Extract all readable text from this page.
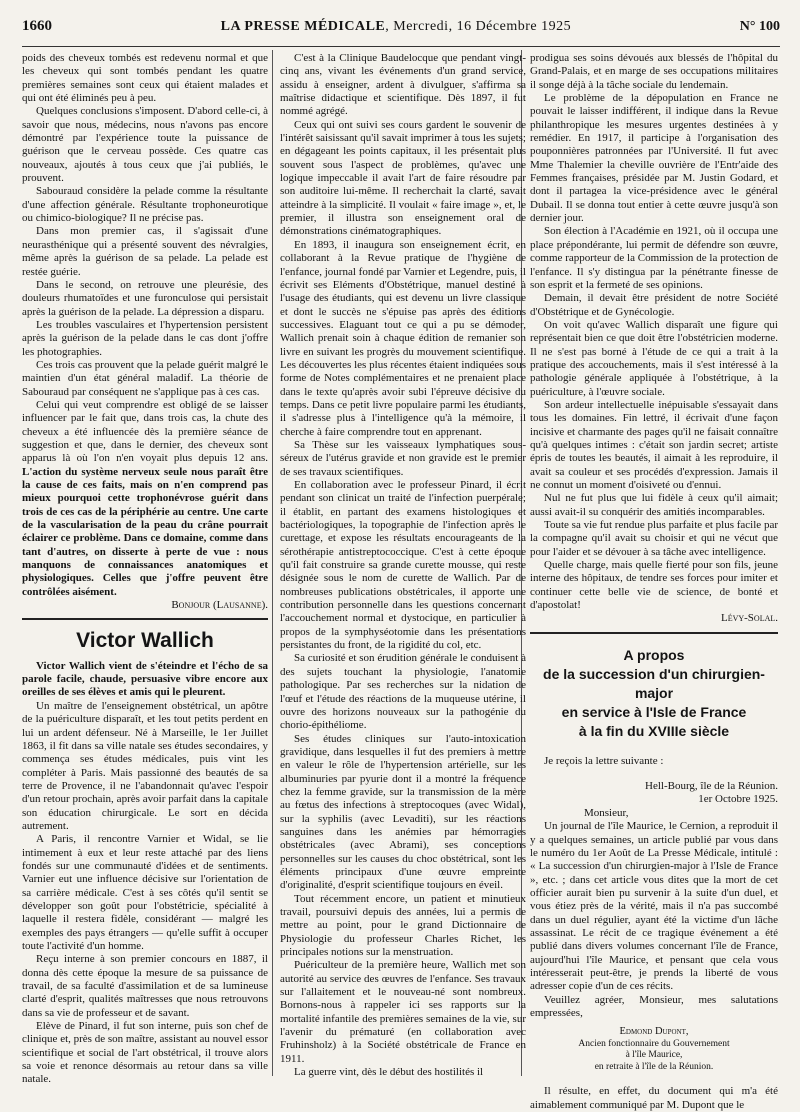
1660	LA PRESSE MÉDICALE, Mercredi, 16 Décembre 1925	N° 100

poids des cheveux tombés est redevenu normal et que les cheveux qui sont tombés pendant les quatre premières semaines sont ceux qui étaient malades et qui ont été éliminés peu à peu.

Quelques conclusions s'imposent. D'abord celle-ci, à savoir que nous, médecins, nous n'avons pas encore démontré par l'expérience toute la puissance de guérison que le cerveau possède. Ces quatre cas nouveaux, ajoutés à tous ceux que j'ai publiés, le prouvent.

Sabouraud considère la pelade comme la résultante d'une affection générale. Résultante trophoneurotique ou chimico-biologique? Il ne précise pas.

Dans mon premier cas, il s'agissait d'une neurasthénique qui a présenté souvent des névralgies, même après la guérison de sa pelade. La pelade est restée guérie.

Dans le second, on retrouve une pleurésie, des douleurs rhumatoïdes et une furonculose qui persistait après la guérison de la pelade. La dépression a disparu.

Les troubles vasculaires et l'hypertension persistent après la guérison de la pelade dans le cas dont j'offre les photographies.

Ces trois cas prouvent que la pelade guérit malgré le maintien d'un état général maladif. La théorie de Sabouraud par conséquent ne s'applique pas à ces cas.

Celui qui veut comprendre est obligé de se laisser influencer par le fait que, dans trois cas, la chute des cheveux a été influencée dès la première séance de suggestion et que, dans le dernier, des cheveux sont apparus là où l'on n'en voyait plus depuis 12 ans. L'action du système nerveux seule nous paraît être la cause de ces faits, mais on n'en comprend pas mieux pourquoi cette trophonévrose guérit dans trois de ces cas de la périphérie au centre. Une carte de la vascularisation de la peau du crâne pourrait éclairer ce problème. Dans ce domaine, comme dans tant d'autres, on disserte à perte de vue : nous manquons de connaissances anatomiques et physiologiques. Celles que j'offre peuvent être contrôlées aisément.

Bonjour (Lausanne).

Victor Wallich

Victor Wallich vient de s'éteindre et l'écho de sa parole facile, chaude, persuasive vibre encore aux oreilles de ses élèves et amis qui le pleurent.

Un maître de l'enseignement obstétrical, un apôtre de la puériculture disparaît, et les tout petits perdent en lui un ardent défenseur. Né à Marseille, le 1er Juillet 1863, il fit dans sa ville natale ses études secondaires, y commença ses études médicales, puis vint les compléter à Paris. Mais passionné des beautés de sa terre de Provence, il ne l'abandonnait qu'avec l'espoir d'un retour prochain, après avoir parfait dans la capitale son éducation chirurgicale. Le sort en décida autrement.

A Paris, il rencontre Varnier et Widal, se lie intimement à eux et leur reste attaché par des liens fondés sur une communauté d'idées et de sentiments. Varnier eut une influence décisive sur l'orientation de sa carrière médicale. C'est à ses côtés qu'il sentit se développer son goût pour l'obstétricie, spécialité à laquelle il restera fidèle, considérant — malgré les exemples des pays étrangers — qu'elle suffit à occuper toute l'activité d'un homme.

Reçu interne à son premier concours en 1887, il donna dès cette époque la mesure de sa puissance de travail, de sa faculté d'assimilation et de sa lumineuse clarté d'esprit, qualités maîtresses que nous retrouvons dans sa vie de professeur et de savant.

Elève de Pinard, il fut son interne, puis son chef de clinique et, près de son maître, assistant au nouvel essor scientifique et social de l'art obstétrical, il trouve alors sa voie et renonce désormais au retour dans sa ville natale.

C'est à la Clinique Baudelocque que pendant vingt-cinq ans, vivant les événements d'un grand service, assidu à enseigner, ardent à divulguer, s'affirma sa maîtrise didactique et scientifique. Dès 1897, il fut nommé agrégé.

Ceux qui ont suivi ses cours gardent le souvenir de l'intérêt saisissant qu'il savait imprimer à tous les sujets; en dégageant les points capitaux, il les présentait plus souvent sous l'aspect de problèmes, qu'avec une logique impeccable il avait l'art de faire résoudre par son auditoire lui-même. Il recherchait la clarté, savait atteindre à la simplicité. Il voulait « faire image », et, le premier, il illustra son enseignement oral de démonstrations cinématographiques.

En 1893, il inaugura son enseignement écrit, en collaborant à la Revue pratique de l'hygiène de l'enfance, journal fondé par Varnier et Legendre, puis, il écrivit ses Eléments d'Obstétrique, manuel destiné à l'usage des étudiants, qui est devenu un livre classique et dont le succès ne s'épuise pas après des éditions successives. Elaguant tout ce qui a pu se démoder, Wallich prenait soin à chaque édition de remanier son livre en suivant les progrès du mouvement scientifique. Les découvertes les plus récentes étaient indiquées sous forme de Notes complémentaires et ne prenaient place dans le texte qu'après avoir subi l'épreuve décisive du temps. Dans ce petit livre populaire parmi les étudiants, il s'adresse plus à l'intelligence qu'à la mémoire, il cherche à faire comprendre tout en apprenant.

Sa Thèse sur les vaisseaux lymphatiques sous-séreux de l'utérus gravide et non gravide est le premier de ses travaux scientifiques.

En collaboration avec le professeur Pinard, il écrit pendant son clinicat un traité de l'infection puerpérale; il établit, en partant des examens histologiques et bactériologiques, la topographie de l'infection après le curettage, et expose les résultats encourageants de la sérothérapie antistreptococcique. C'est à cette époque qu'il fait construire sa grande curette mousse, qui reste désignée sous le nom de curette de Wallich. Par de nombreuses publications obstétricales, il apporte une contribution personnelle dans les questions concernant l'accouchement normal et dystocique, en particulier à propos de la symphyséotomie dans les présentations persistantes du front, de la rigidité du col, etc.

Sa curiosité et son érudition générale le conduisent à des sujets touchant la physiologie, l'anatomie pathologique. Par ses recherches sur la nidation de l'œuf et l'étude des réactions de la muqueuse utérine, il ouvre des horizons nouveaux sur la pathogénie du chorio-épithéliome.

Ses études cliniques sur l'auto-intoxication gravidique, dans lesquelles il fut des premiers à mettre en valeur le rôle de l'hypertension artérielle, sur les albuminuries par pyurie dont il a montré la fréquence chez la femme gravide, sur la transmission de la mère au fœtus des infections à streptocoques (avec Widal), sur la syphilis (avec Levaditi), sur les réactions sanguines dans les anémies par hémorragies obstétricales (avec Abrami), ses conceptions personnelles sur les causes du choc obstétrical, sont les éléments principaux d'une œuvre empreinte d'originalité, d'esprit scientifique toujours en éveil.

Tout récemment encore, un patient et minutieux travail, poursuivi depuis des années, lui a permis de mettre au point, pour le grand Dictionnaire de Physiologie du professeur Charles Richet, les principales notions sur la menstruation.

Puériculteur de la première heure, Wallich met son autorité au service des œuvres de l'enfance. Ses travaux sur l'allaitement et le nouveau-né sont nombreux. Bornons-nous à rappeler ici ses rapports sur la mortalité infantile des premières semaines de la vie, sur l'avenir du prématuré (en collaboration avec Fruhinsholz) à la Société obstétricale de France en 1911.

La guerre vint, dès le début des hostilités il

prodigua ses soins dévoués aux blessés de l'hôpital du Grand-Palais, et en marge de ses occupations militaires il songe déjà à la tâche sociale du lendemain.

Le problème de la dépopulation en France ne pouvait le laisser indifférent, il indique dans la Revue philanthropique les mesures urgentes destinées à y remédier. En 1917, il participe à l'organisation des pouponnières patronnées par l'Université. Il fut avec Mme Thalemier la cheville ouvrière de l'Entr'aide des Femmes françaises, présidée par M. Justin Godard, et dont il partagea la vice-présidence avec le général Dubail. Il se donna tout entier à cette œuvre jusqu'à son dernier jour.

Son élection à l'Académie en 1921, où il occupa une place prépondérante, lui permit de défendre son œuvre, comme rapporteur de la Commission de la protection de l'enfance. Il s'y distingua par la pénétrante finesse de son esprit et la fermeté de ses opinions.

Demain, il devait être président de notre Société d'Obstétrique et de Gynécologie.

On voit qu'avec Wallich disparaît une figure qui représentait bien ce que doit être l'obstétricien moderne. Il ne s'est pas borné à l'étude de ce qui a trait à la pratique des accouchements, mais il s'est intéressé à la pathologie générale appliquée à l'obstétrique, à la puériculture, à l'œuvre sociale.

Son ardeur intellectuelle inépuisable s'essayait dans tous les domaines. Fin lettré, il écrivait d'une façon incisive et charmante des pages qu'il ne faisait connaître qu'à quelques intimes : c'était son jardin secret; artiste épris de toutes les beautés, il aimait à les reproduire, il avait sa couleur et ses procédés d'expression. Jamais il ne connut un moment d'oisiveté ou d'ennui.

Nul ne fut plus que lui fidèle à ceux qu'il aimait; aussi avait-il su conquérir des amitiés incomparables.

Toute sa vie fut rendue plus parfaite et plus facile par la compagne qu'il avait su choisir et qui ne vécut que pour l'aider et se dévouer à sa tâche avec intelligence.

Quelle charge, mais quelle fierté pour son fils, jeune interne des hôpitaux, de tendre ses forces pour imiter et continuer cette belle vie de science, de bonté et d'apostolat!

Lévy-Solal.

A propos
de la succession d'un chirurgien-major
en service à l'Isle de France
à la fin du XVIIIe siècle

Je reçois la lettre suivante :

Hell-Bourg, île de la Réunion.

1er Octobre 1925.

Monsieur,

Un journal de l'île Maurice, le Cernion, a reproduit il y a quelques semaines, un article publié par vous dans le numéro du 1er Août de La Presse Médicale, intitulé : « La succession d'un chirurgien-major à l'Isle de France », etc. ; dans cet article vous dites que la mort de cet officier aurait bien pu survenir à la suite d'un duel, et vous étiez près de la vérité, mais il n'a pas succombé dans un duel régulier, ayant été la victime d'un lâche assassinat. Le récit de ce tragique événement a été publié dans divers volumes concernant l'île de France, aujourd'hui l'île Maurice, et pensant que cela vous intéresserait peut-être, je prends la liberté de vous adresser copie d'un de ces récits.

Veuillez agréer, Monsieur, mes salutations empressées,

Edmond Dupont,
Ancien fonctionnaire du Gouvernement
à l'île Maurice,
en retraite à l'île de la Réunion.

Il résulte, en effet, du document qui m'a été aimablement communiqué par M. Dupont que le
